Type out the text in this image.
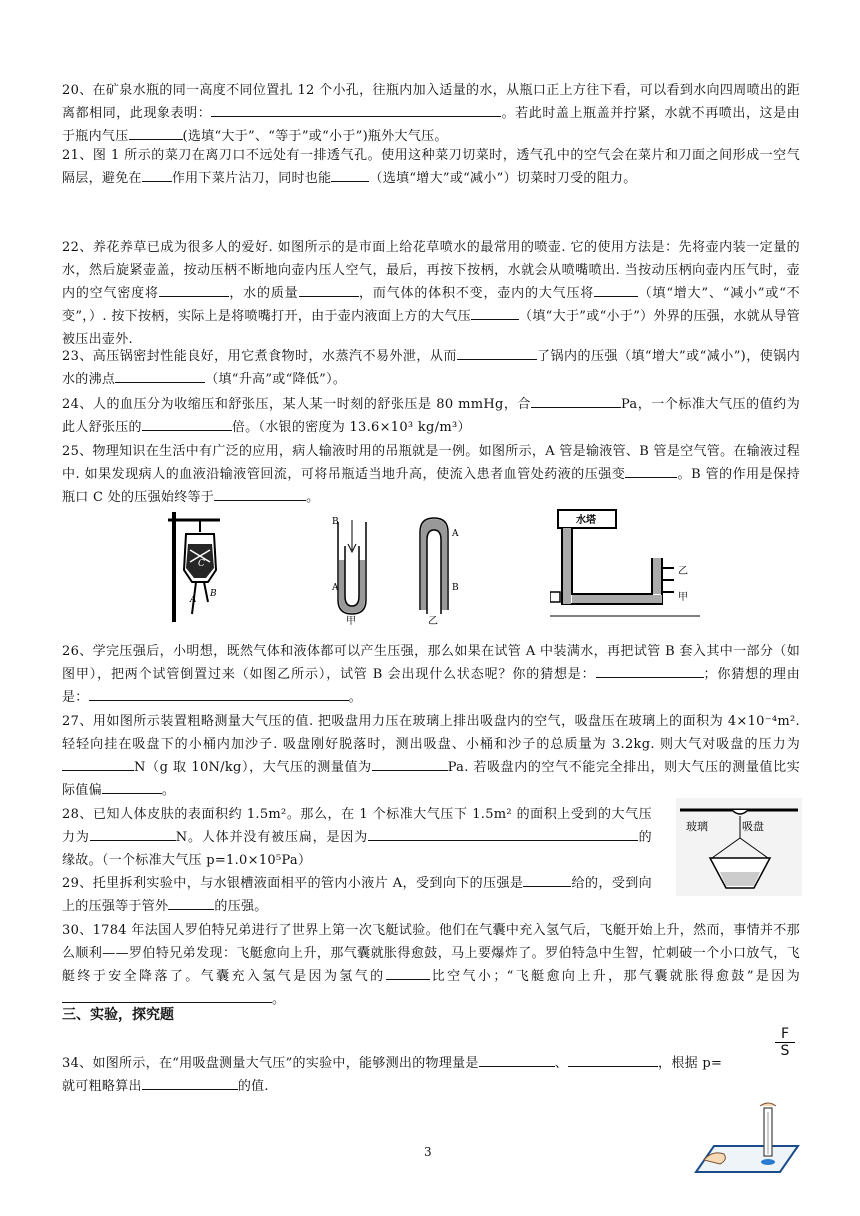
20、在矿泉水瓶的同一高度不同位置扎 12 个小孔，往瓶内加入适量的水，从瓶口正上方往下看，可以看到水向四周喷出的距离都相同，此现象表明：	。若此时盖上瓶盖并拧紧，水就不再喷出，这是由于瓶内气压	(选填“大于”、“等于”或“小于”)瓶外大气压。
21、图 1 所示的菜刀在离刀口不远处有一排透气孔。使用这种菜刀切菜时，透气孔中的空气会在菜片和刀面之间形成一空气隔层，避免在 作用下菜片沾刀，同时也能	（选填“增大”或“减小”）切菜时刀受的阻力。
22、养花养草已成为很多人的爱好. 如图所示的是市面上给花草喷水的最常用的喷壶. 它的使用方法是：先将壶内装一定量的水，然后旋紧壶盖，按动压柄不断地向壶内压人空气，最后，再按下按柄，水就会从喷嘴喷出. 当按动压柄向壶内压气时，壶内的空气密度将	，水的质量	，而气体的体积不变，壶内的大气压将	（填“增大”、“减小”或“不变”，）. 按下按柄，实际上是将喷嘴打开，由于壶内液面上方的大气压	（填“大于”或“小于”）外界的压强，水就从导管被压出壶外.
23、高压锅密封性能良好，用它煮食物时，水蒸汽不易外泄，从而	了锅内的压强（填“增大”或“减小”)，使锅内水的沸点	（填“升高”或“降低”）。
24、人的血压分为收缩压和舒张压，某人某一时刻的舒张压是 80 mmHg，合	Pa，一个标准大气压的值约为此人舒张压的	倍。（水银的密度为 13.6×10³ kg/m³）
25、物理知识在生活中有广泛的应用，病人输液时用的吊瓶就是一例。如图所示，A 管是输液管、B 管是空气管。在输液过程中. 如果发现病人的血液沿输液管回流，可将吊瓶适当地升高，使流入患者血管处药液的压强变	。B 管的作用是保持瓶口 C 处的压强始终等于	。
C
A
B
B
A
甲
A
B
乙
水塔
乙
甲
26、学完压强后，小明想，既然气体和液体都可以产生压强，那么如果在试管 A 中装满水，再把试管 B 套入其中一部分（如图甲），把两个试管倒置过来（如图乙所示），试管 B 会出现什么状态呢？你的猜想是：	；你猜想的理由是：	。
27、用如图所示装置粗略测量大气压的值. 把吸盘用力压在玻璃上排出吸盘内的空气，吸盘压在玻璃上的面积为 4×10⁻⁴m². 轻轻向挂在吸盘下的小桶内加沙子. 吸盘刚好脱落时，测出吸盘、小桶和沙子的总质量为 3.2kg. 则大气对吸盘的压力为N（g 取 10N/kg），大气压的测量值为	Pa. 若吸盘内的空气不能完全排出，则大气压的测量值比实际值偏	。
28、已知人体皮肤的表面积约 1.5m²。那么，在 1 个标准大气压下 1.5m² 的面积上受到的大气压力为	N。人体并没有被压扁，是因为	的缘故。（一个标准大气压 p=1.0×10⁵Pa）
玻璃	吸盘
29、托里拆利实验中，与水银槽液面相平的管内小液片 A，受到向下的压强是	给的，受到向上的压强等于管外	的压强。
30、1784 年法国人罗伯特兄弟进行了世界上第一次飞艇试验。他们在气囊中充入氢气后，飞艇开始上升，然而，事情并不那么顺利——罗伯特兄弟发现：飞艇愈向上升，那气囊就胀得愈鼓，马上要爆炸了。罗伯特急中生智，忙刺破一个小口放气，飞艇终于安全降落了。气囊充入氢气是因为氢气的	比空气小；“飞艇愈向上升，那气囊就胀得愈鼓”是因为。
三、实验，探究题
$\frac{F}{S}$
34、如图所示，在“用吸盘测量大气压”的实验中，能够测出的物理量是	、	，根据 p=
就可粗略算出	的值.
3
